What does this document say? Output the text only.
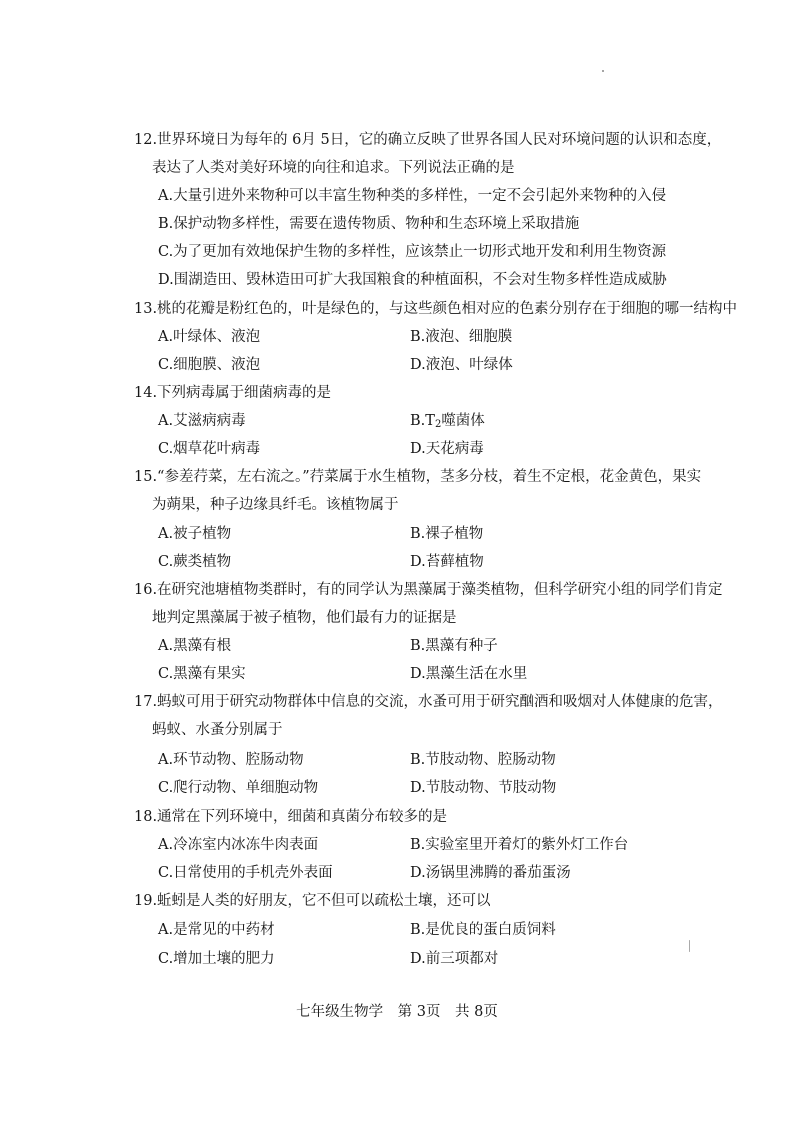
12.世界环境日为每年的 6月 5日，它的确立反映了世界各国人民对环境问题的认识和态度，
表达了人类对美好环境的向往和追求。下列说法正确的是
A.大量引进外来物种可以丰富生物种类的多样性，一定不会引起外来物种的入侵
B.保护动物多样性，需要在遗传物质、物种和生态环境上采取措施
C.为了更加有效地保护生物的多样性，应该禁止一切形式地开发和利用生物资源
D.围湖造田、毁林造田可扩大我国粮食的种植面积，不会对生物多样性造成威胁
13.桃的花瓣是粉红色的，叶是绿色的，与这些颜色相对应的色素分别存在于细胞的哪一结构中
A.叶绿体、液泡	B.液泡、细胞膜
C.细胞膜、液泡	D.液泡、叶绿体
14.下列病毒属于细菌病毒的是
A.艾滋病病毒	$B.T_2$噬菌体
C.烟草花叶病毒	D.天花病毒
15.“参差荇菜，左右流之。”荇菜属于水生植物，茎多分枝，着生不定根，花金黄色，果实
为蒴果，种子边缘具纤毛。该植物属于
A.被子植物	B.裸子植物
C.蕨类植物	D.苔藓植物
16.在研究池塘植物类群时，有的同学认为黑藻属于藻类植物，但科学研究小组的同学们肯定
地判定黑藻属于被子植物，他们最有力的证据是
A.黑藻有根	B.黑藻有种子
C.黑藻有果实	D.黑藻生活在水里
17.蚂蚁可用于研究动物群体中信息的交流，水蚤可用于研究酗酒和吸烟对人体健康的危害，
蚂蚁、水蚤分别属于
A.环节动物、腔肠动物	B.节肢动物、腔肠动物
C.爬行动物、单细胞动物	D.节肢动物、节肢动物
18.通常在下列环境中，细菌和真菌分布较多的是
A.冷冻室内冰冻牛肉表面	B.实验室里开着灯的紫外灯工作台
C.日常使用的手机壳外表面	D.汤锅里沸腾的番茄蛋汤
19.蚯蚓是人类的好朋友，它不但可以疏松土壤，还可以
A.是常见的中药材	B.是优良的蛋白质饲料
C.增加土壤的肥力	D.前三项都对
七年级生物学　第 3页　共 8页
